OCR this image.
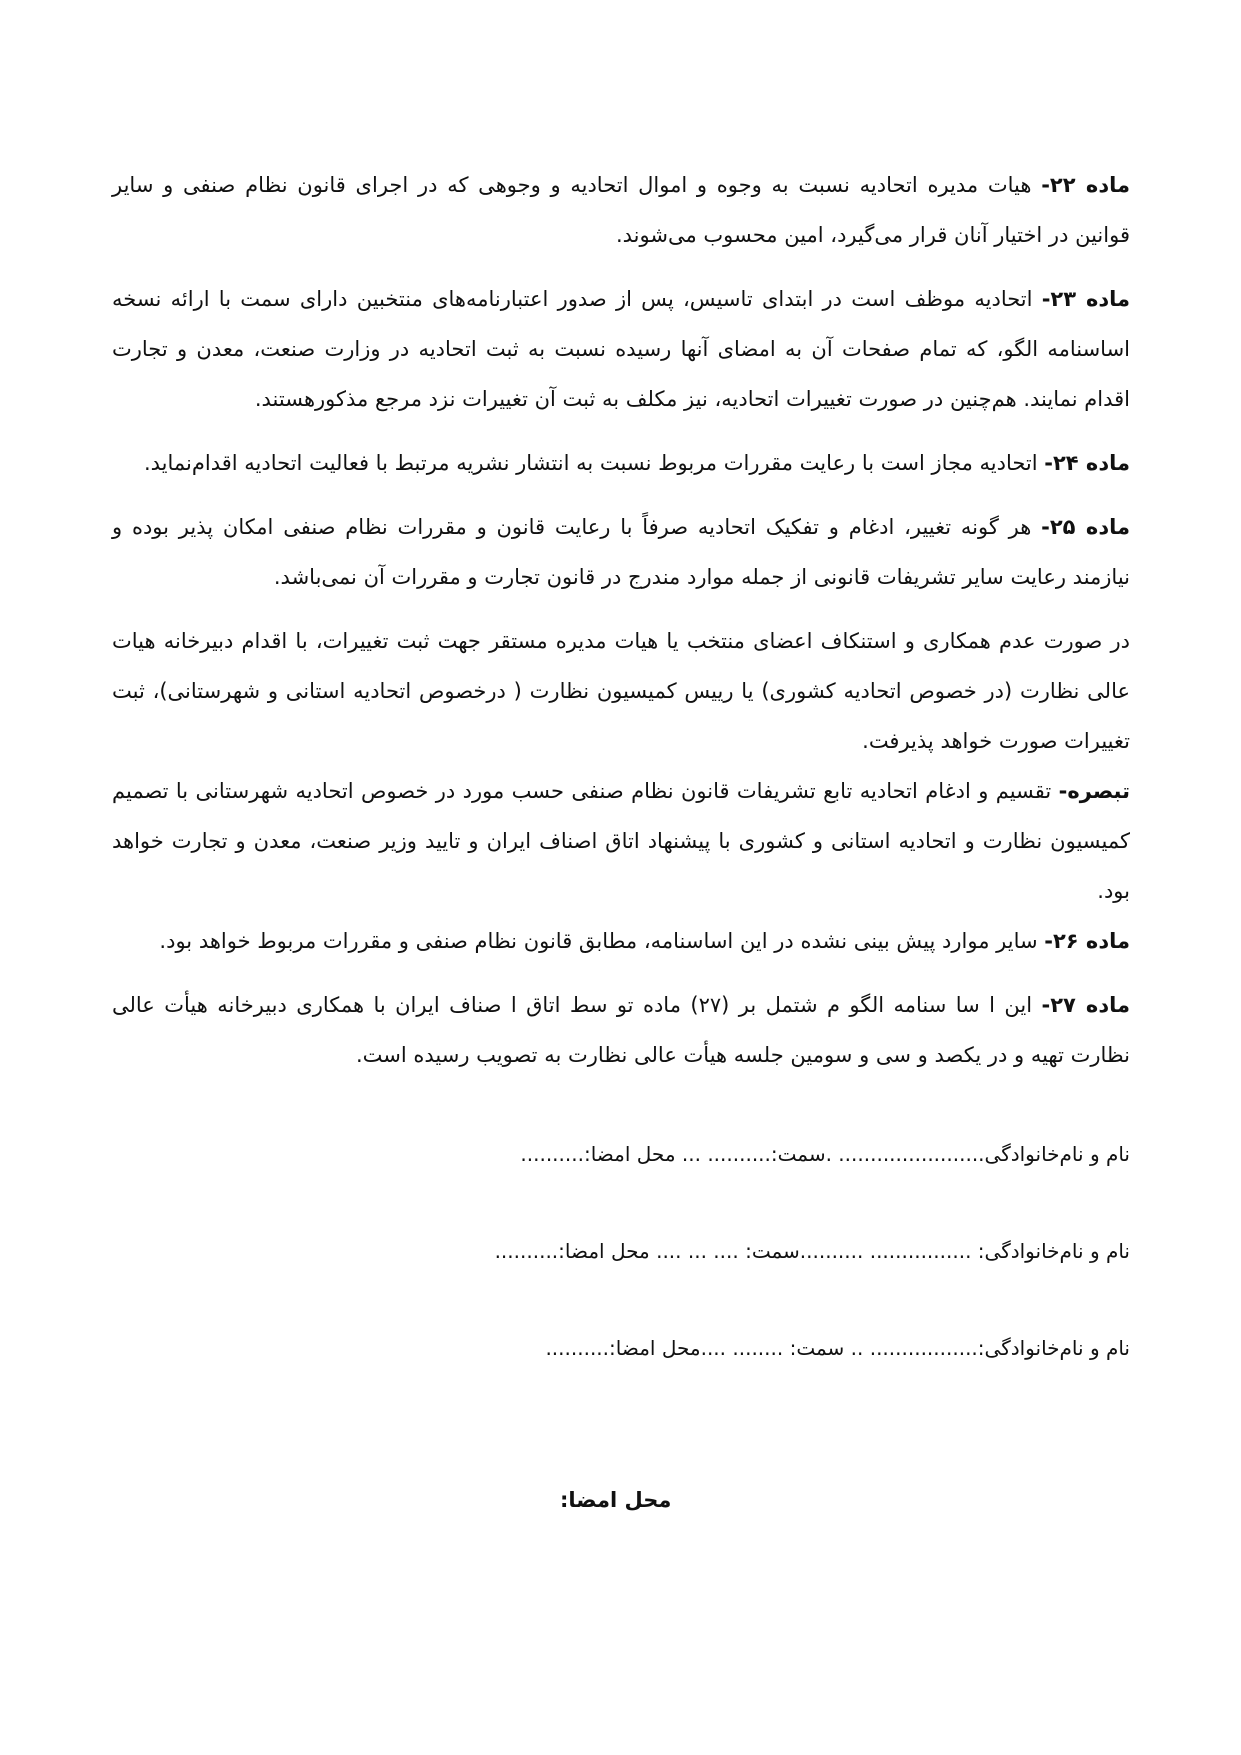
ماده ۲۲- هیات مدیره اتحادیه نسبت به وجوه و اموال اتحادیه و وجوهی که در اجرای قانون نظام صنفی و سایر قوانین در اختیار آنان قرار می‌گیرد، امین محسوب می‌شوند.

ماده ۲۳- اتحادیه موظف است در ابتدای تاسیس، پس از صدور اعتبارنامه‌های منتخبین دارای سمت با ارائه نسخه اساسنامه الگو، که تمام صفحات آن به امضای آنها رسیده نسبت به ثبت اتحادیه در وزارت صنعت، معدن و تجارت اقدام نمایند. هم‌چنین در صورت تغییرات اتحادیه، نیز مکلف به ثبت آن تغییرات نزد مرجع مذکورهستند.

ماده ۲۴- اتحادیه مجاز است با رعایت مقررات مربوط نسبت به انتشار نشریه مرتبط با فعالیت اتحادیه اقدام‌نماید.

ماده ۲۵- هر گونه تغییر، ادغام و تفکیک اتحادیه صرفاً با رعایت قانون و مقررات نظام صنفی امکان پذیر بوده و نیازمند رعایت سایر تشریفات قانونی از جمله موارد مندرج در قانون تجارت و مقررات آن نمی‌باشد.

در صورت عدم همکاری و استنکاف اعضای منتخب یا هیات مدیره مستقر جهت ثبت تغییرات، با اقدام دبیرخانه هیات عالی نظارت (در خصوص اتحادیه کشوری) یا رییس کمیسیون نظارت ( درخصوص اتحادیه استانی و شهرستانی)، ثبت تغییرات صورت خواهد پذیرفت.

تبصره- تقسیم و ادغام اتحادیه تابع تشریفات قانون نظام صنفی حسب مورد در خصوص اتحادیه شهرستانی با تصمیم کمیسیون نظارت و اتحادیه استانی و کشوری با پیشنهاد اتاق اصناف ایران و تایید وزیر صنعت، معدن و تجارت خواهد بود.

ماده ۲۶- سایر موارد پیش بینی نشده در این اساسنامه، مطابق قانون نظام صنفی و مقررات مربوط خواهد بود.

ماده ۲۷- این ا سا سنامه الگو م شتمل بر (۲۷) ماده تو سط اتاق ا صناف ایران با همکاری دبیرخانه هیأت عالی نظارت تهیه و در یکصد و سی و سومین جلسه هیأت عالی نظارت به تصویب رسیده است.

نام و نام‌خانوادگی....................... .سمت:.......... ... محل امضا:..........
نام و نام‌خانوادگی: ................ ..........سمت: .... ... .... محل امضا:..........
نام و نام‌خانوادگی:................. .. سمت: ........ ....محل امضا:..........
محل امضا:
